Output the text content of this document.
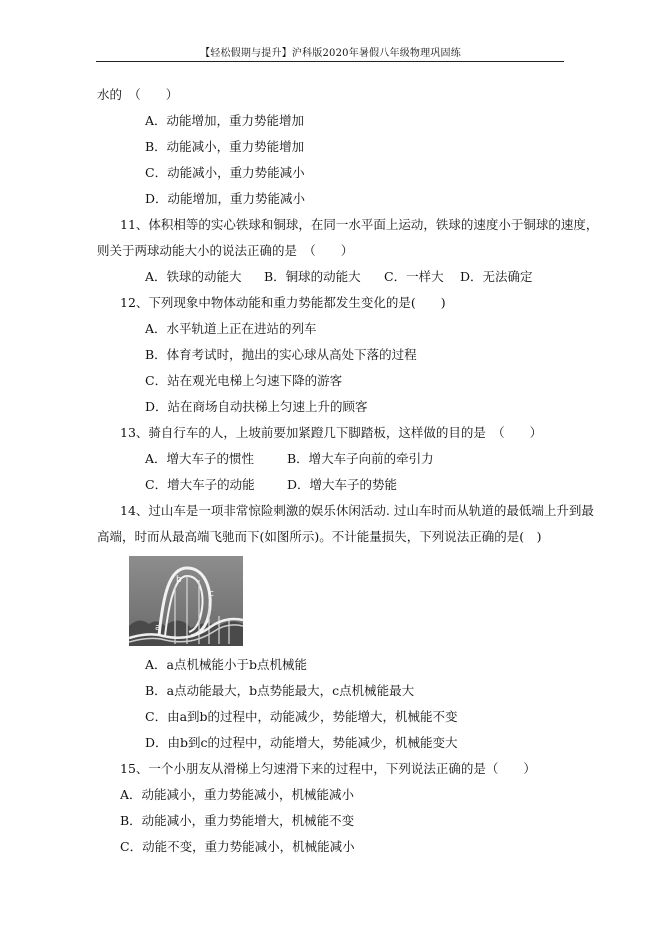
【轻松假期与提升】沪科版2020年暑假八年级物理巩固练
水的　（　　）
A．动能增加，重力势能增加
B．动能减小，重力势能增加
C．动能减小，重力势能减小
D．动能增加，重力势能减小
11、体积相等的实心铁球和铜球，在同一水平面上运动，铁球的速度小于铜球的速度，
则关于两球动能大小的说法正确的是　（　　）
A．铁球的动能大 B．铜球的动能大 C．一样大 D．无法确定
12、下列现象中物体动能和重力势能都发生变化的是(　　)
A．水平轨道上正在进站的列车
B．体育考试时，抛出的实心球从高处下落的过程
C．站在观光电梯上匀速下降的游客
D．站在商场自动扶梯上匀速上升的顾客
13、骑自行车的人，上坡前要加紧蹬几下脚踏板，这样做的目的是　（　　）
A．增大车子的惯性	B．增大车子向前的牵引力
C．增大车子的动能	D．增大车子的势能
14、过山车是一项非常惊险刺激的娱乐休闲活动. 过山车时而从轨道的最低端上升到最
高端，时而从最高端飞驰而下(如图所示)。不计能量损失，下列说法正确的是(　)
a
b
c
A．a点机械能小于b点机械能
B．a点动能最大，b点势能最大，c点机械能最大
C．由a到b的过程中，动能减少，势能增大，机械能不变
D．由b到c的过程中，动能增大，势能减少，机械能变大
15、一个小朋友从滑梯上匀速滑下来的过程中，下列说法正确的是（　　）
A．动能减小，重力势能减小，机械能减小
B．动能减小，重力势能增大，机械能不变
C．动能不变，重力势能减小，机械能减小
